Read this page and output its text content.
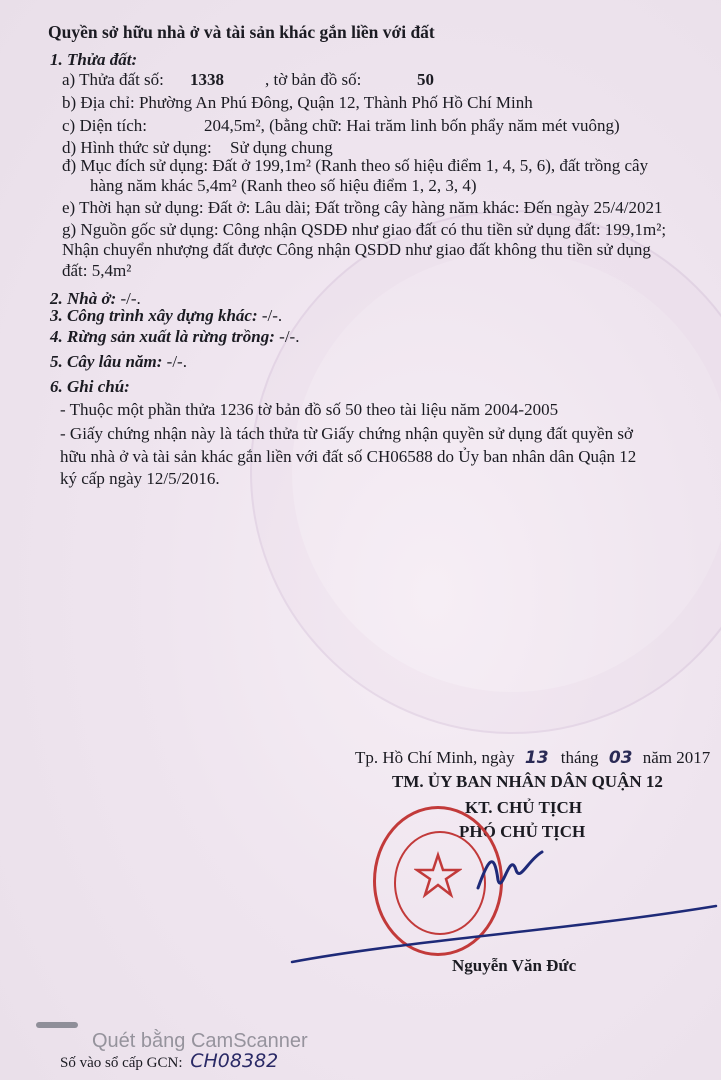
Quyền sở hữu nhà ở và tài sản khác gắn liền với đất
1. Thửa đất:
a) Thửa đất số: 1338 , tờ bản đồ số:	50
b) Địa chỉ: Phường An Phú Đông, Quận 12, Thành Phố Hồ Chí Minh
c) Diện tích:	204,5m², (bằng chữ: Hai trăm linh bốn phẩy năm mét vuông)
d) Hình thức sử dụng: Sử dụng chung
đ) Mục đích sử dụng: Đất ở 199,1m² (Ranh theo số hiệu điểm 1, 4, 5, 6), đất trồng cây
hàng năm khác 5,4m² (Ranh theo số hiệu điểm 1, 2, 3, 4)
e) Thời hạn sử dụng: Đất ở: Lâu dài; Đất trồng cây hàng năm khác: Đến ngày 25/4/2021
g) Nguồn gốc sử dụng: Công nhận QSDĐ như giao đất có thu tiền sử dụng đất: 199,1m²;
Nhận chuyển nhượng đất được Công nhận QSDD như giao đất không thu tiền sử dụng
đất: 5,4m²
2. Nhà ở: -/-.
3. Công trình xây dựng khác: -/-.
4. Rừng sản xuất là rừng trồng: -/-.
5. Cây lâu năm: -/-.
6. Ghi chú:
- Thuộc một phần thửa 1236 tờ bản đồ số 50 theo tài liệu năm 2004-2005
- Giấy chứng nhận này là tách thửa từ Giấy chứng nhận quyền sử dụng đất quyền sở
hữu nhà ở và tài sản khác gắn liền với đất số CH06588 do Ủy ban nhân dân Quận 12
ký cấp ngày 12/5/2016.
Tp. Hồ Chí Minh, ngày 13 tháng 03 năm 2017
TM. ỦY BAN NHÂN DÂN QUẬN 12
KT. CHỦ TỊCH
PHÓ CHỦ TỊCH
Nguyễn Văn Đức
Quét bằng CamScanner
Số vào sổ cấp GCN: CH08382
